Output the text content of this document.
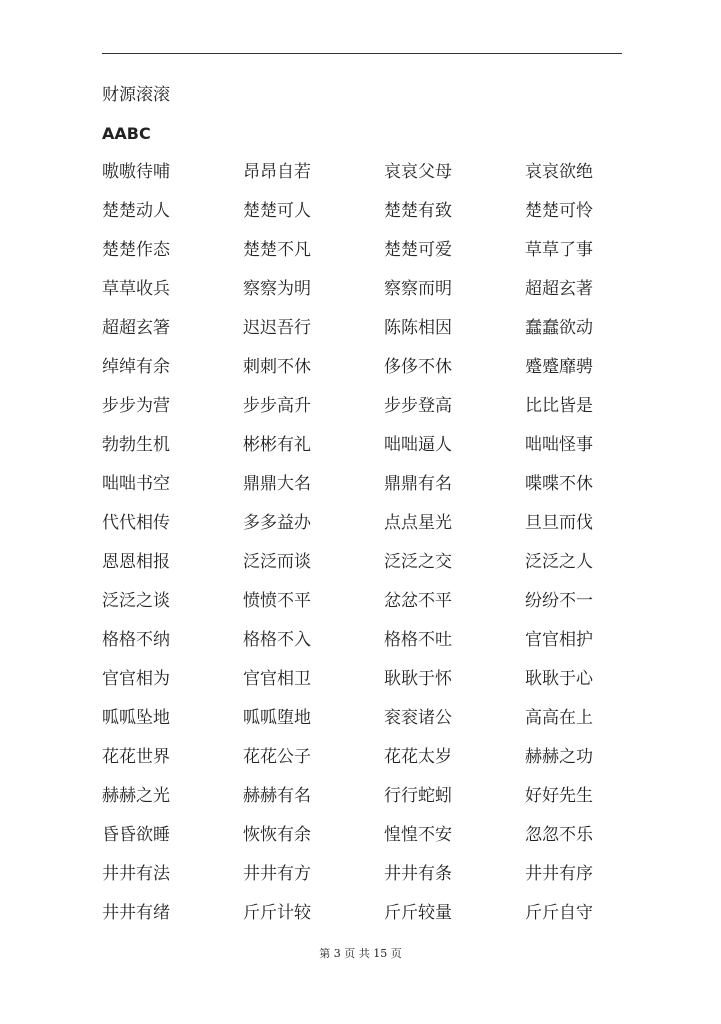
财源滚滚
AABC
嗷嗷待哺	昂昂自若	哀哀父母	哀哀欲绝
楚楚动人	楚楚可人	楚楚有致	楚楚可怜
楚楚作态	楚楚不凡	楚楚可爱	草草了事
草草收兵	察察为明	察察而明	超超玄著
超超玄箸	迟迟吾行	陈陈相因	蠢蠢欲动
绰绰有余	刺刺不休	侈侈不休	蹙蹙靡骋
步步为营	步步高升	步步登高	比比皆是
勃勃生机	彬彬有礼	咄咄逼人	咄咄怪事
咄咄书空	鼎鼎大名	鼎鼎有名	喋喋不休
代代相传	多多益办	点点星光	旦旦而伐
恩恩相报	泛泛而谈	泛泛之交	泛泛之人
泛泛之谈	愤愤不平	忿忿不平	纷纷不一
格格不纳	格格不入	格格不吐	官官相护
官官相为	官官相卫	耿耿于怀	耿耿于心
呱呱坠地	呱呱堕地	衮衮诸公	高高在上
花花世界	花花公子	花花太岁	赫赫之功
赫赫之光	赫赫有名	行行蛇蚓	好好先生
昏昏欲睡	恢恢有余	惶惶不安	忽忽不乐
井井有法	井井有方	井井有条	井井有序
井井有绪	斤斤计较	斤斤较量	斤斤自守
第 3 页 共 15 页
